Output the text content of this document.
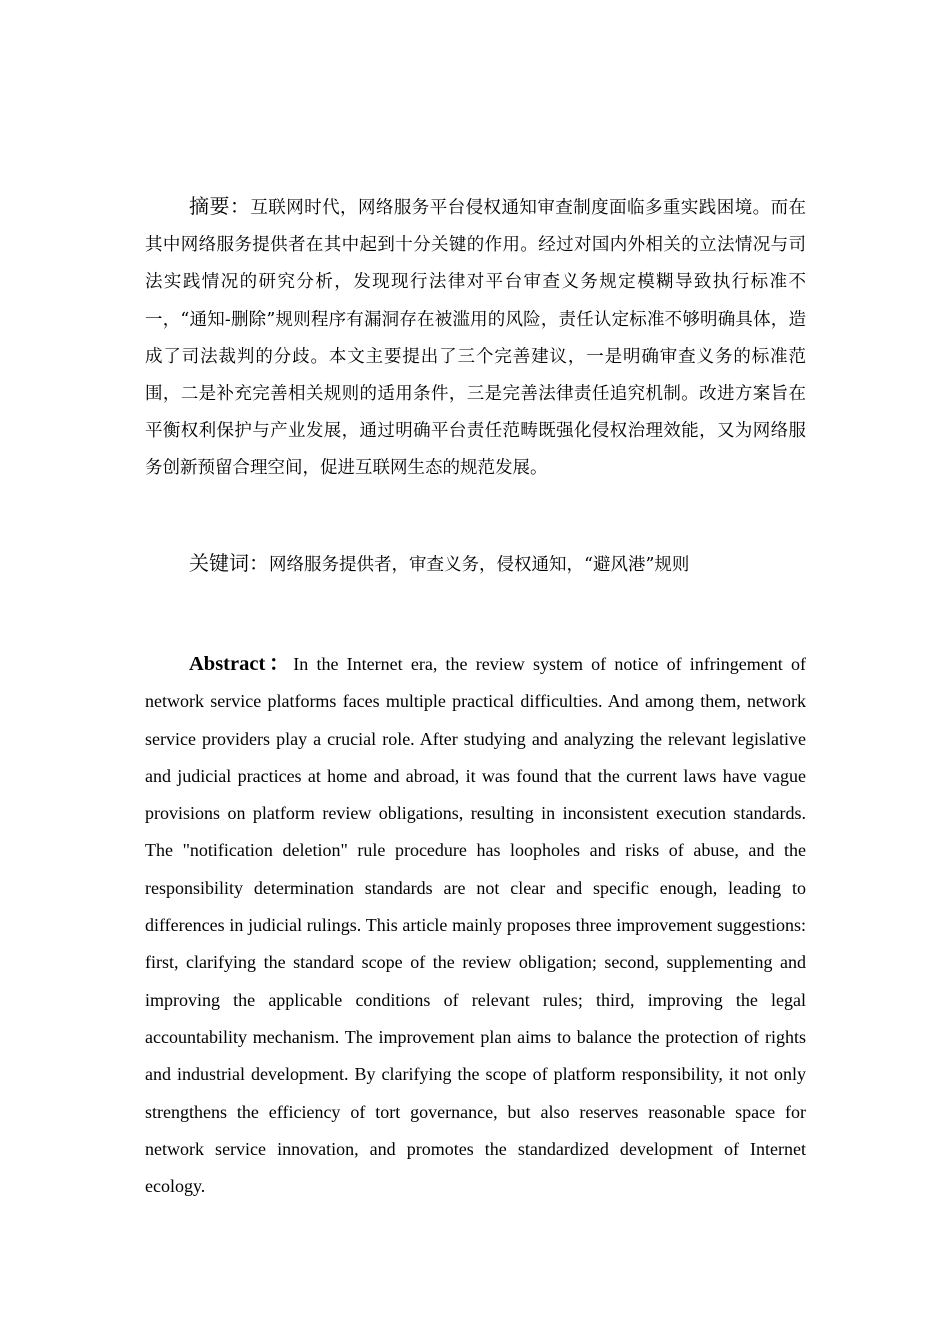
摘要：互联网时代，网络服务平台侵权通知审查制度面临多重实践困境。而在其中网络服务提供者在其中起到十分关键的作用。经过对国内外相关的立法情况与司法实践情况的研究分析，发现现行法律对平台审查义务规定模糊导致执行标准不一，“通知-删除”规则程序有漏洞存在被滥用的风险，责任认定标准不够明确具体，造成了司法裁判的分歧。本文主要提出了三个完善建议，一是明确审查义务的标准范围，二是补充完善相关规则的适用条件，三是完善法律责任追究机制。改进方案旨在平衡权利保护与产业发展，通过明确平台责任范畴既强化侵权治理效能，又为网络服务创新预留合理空间，促进互联网生态的规范发展。

关键词：网络服务提供者，审查义务，侵权通知，“避风港”规则

Abstract：In the Internet era, the review system of notice of infringement of network service platforms faces multiple practical difficulties. And among them, network service providers play a crucial role. After studying and analyzing the relevant legislative and judicial practices at home and abroad, it was found that the current laws have vague provisions on platform review obligations, resulting in inconsistent execution standards. The "notification deletion" rule procedure has loopholes and risks of abuse, and the responsibility determination standards are not clear and specific enough, leading to differences in judicial rulings. This article mainly proposes three improvement suggestions: first, clarifying the standard scope of the review obligation; second, supplementing and improving the applicable conditions of relevant rules; third, improving the legal accountability mechanism. The improvement plan aims to balance the protection of rights and industrial development. By clarifying the scope of platform responsibility, it not only strengthens the efficiency of tort governance, but also reserves reasonable space for network service innovation, and promotes the standardized development of Internet ecology.
